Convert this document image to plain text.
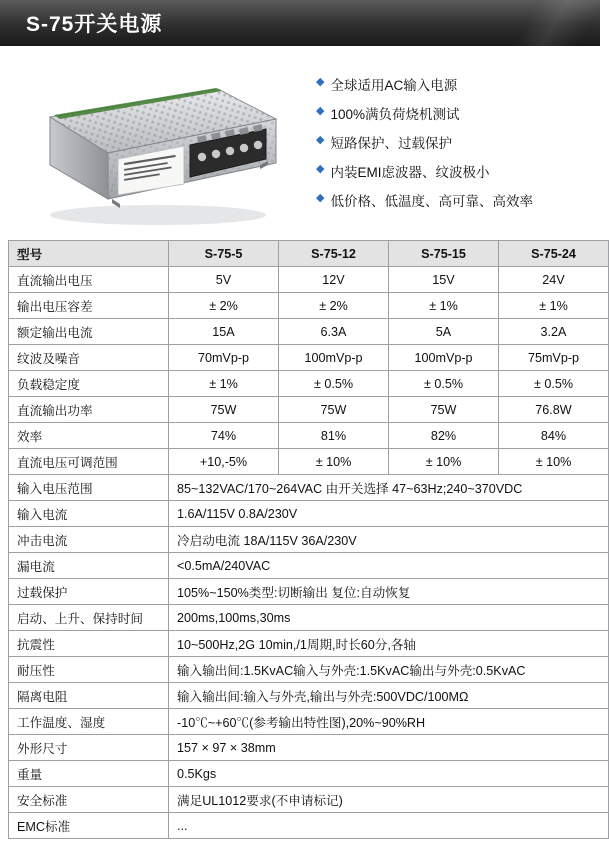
S-75开关电源
◆ 全球适用AC输入电源
◆ 100%满负荷烧机测试
◆ 短路保护、过载保护
◆ 内装EMI虑波器、纹波极小
◆ 低价格、低温度、高可靠、高效率
型号	S-75-5	S-75-12	S-75-15	S-75-24
直流输出电压	5V	12V	15V	24V
输出电压容差	± 2%	± 2%	± 1%	± 1%
额定输出电流	15A	6.3A	5A	3.2A
纹波及噪音	70mVp-p	100mVp-p	100mVp-p	75mVp-p
负载稳定度	± 1%	± 0.5%	± 0.5%	± 0.5%
直流输出功率	75W	75W	75W	76.8W
效率	74%	81%	82%	84%
直流电压可调范围	+10,-5%	± 10%	± 10%	± 10%
输入电压范围	85~132VAC/170~264VAC 由开关选择 47~63Hz;240~370VDC			
输入电流	1.6A/115V 0.8A/230V			
冲击电流	冷启动电流 18A/115V 36A/230V			
漏电流	<0.5mA/240VAC			
过载保护	105%~150%类型:切断输出 复位:自动恢复			
启动、上升、保持时间	200ms,100ms,30ms			
抗震性	10~500Hz,2G 10min,/1周期,时长60分,各轴			
耐压性	输入输出间:1.5KvAC输入与外壳:1.5KvAC输出与外壳:0.5KvAC			
隔离电阻	输入输出间:输入与外壳,输出与外壳:500VDC/100MΩ			
工作温度、湿度	-10℃~+60℃(参考输出特性图),20%~90%RH			
外形尺寸	157 × 97 × 38mm			
重量	0.5Kgs			
安全标准	满足UL1012要求(不申请标记)			
EMC标准	...			
